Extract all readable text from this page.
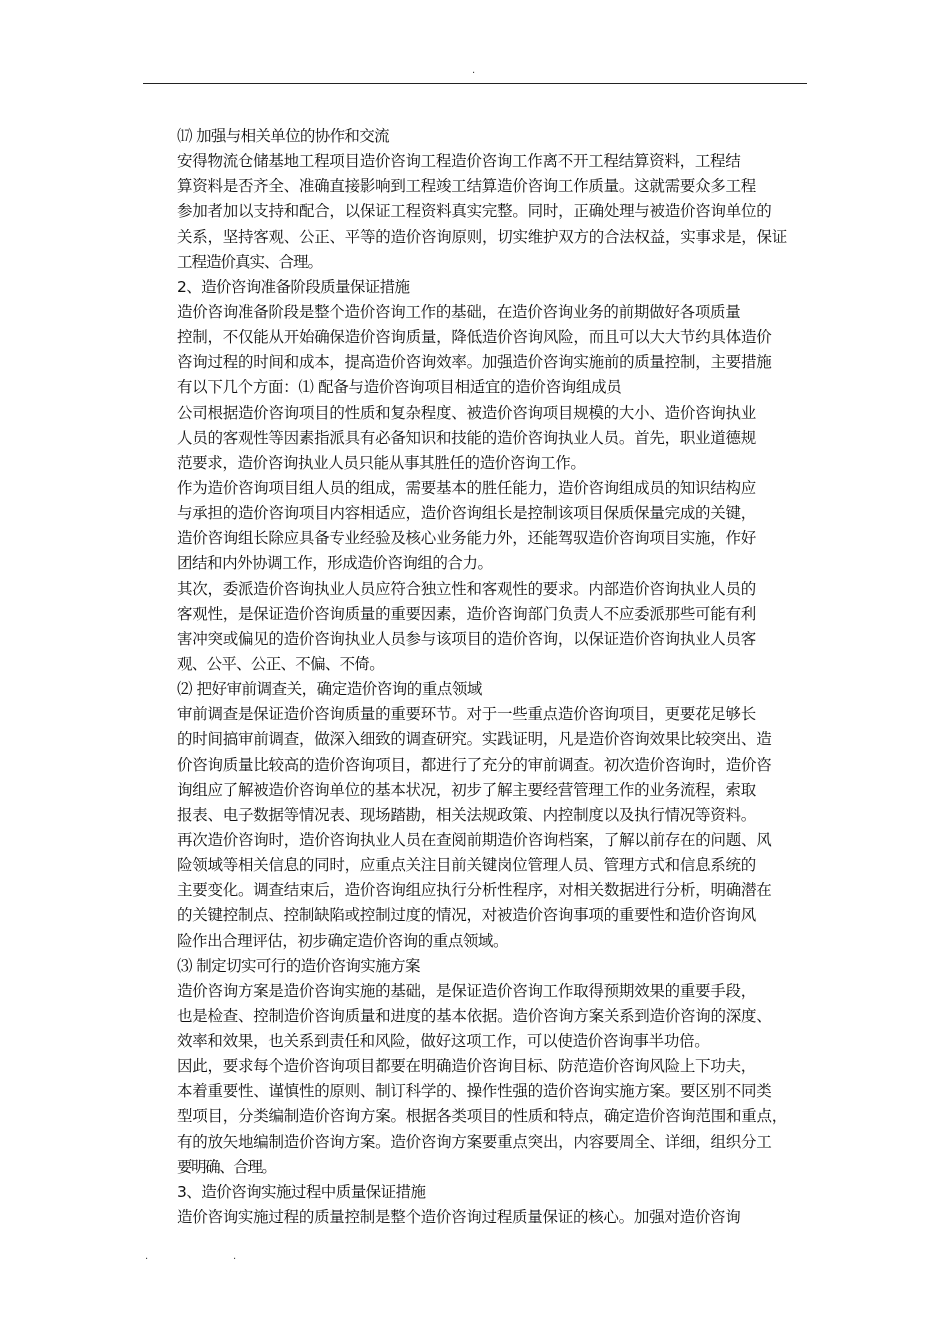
.
⒄ 加强与相关单位的协作和交流
安得物流仓储基地工程项目造价咨询工程造价咨询工作离不开工程结算资料，工程结
算资料是否齐全、准确直接影响到工程竣工结算造价咨询工作质量。这就需要众多工程
参加者加以支持和配合，以保证工程资料真实完整。同时，正确处理与被造价咨询单位的
关系，坚持客观、公正、平等的造价咨询原则，切实维护双方的合法权益，实事求是，保证
工程造价真实、合理。
2、造价咨询准备阶段质量保证措施
造价咨询准备阶段是整个造价咨询工作的基础，在造价咨询业务的前期做好各项质量
控制，不仅能从开始确保造价咨询质量，降低造价咨询风险，而且可以大大节约具体造价
咨询过程的时间和成本，提高造价咨询效率。加强造价咨询实施前的质量控制，主要措施
有以下几个方面：⑴ 配备与造价咨询项目相适宜的造价咨询组成员
公司根据造价咨询项目的性质和复杂程度、被造价咨询项目规模的大小、造价咨询执业
人员的客观性等因素指派具有必备知识和技能的造价咨询执业人员。首先，职业道德规
范要求，造价咨询执业人员只能从事其胜任的造价咨询工作。
作为造价咨询项目组人员的组成，需要基本的胜任能力，造价咨询组成员的知识结构应
与承担的造价咨询项目内容相适应，造价咨询组长是控制该项目保质保量完成的关键，
造价咨询组长除应具备专业经验及核心业务能力外，还能驾驭造价咨询项目实施，作好
团结和内外协调工作，形成造价咨询组的合力。
其次，委派造价咨询执业人员应符合独立性和客观性的要求。内部造价咨询执业人员的
客观性，是保证造价咨询质量的重要因素，造价咨询部门负责人不应委派那些可能有利
害冲突或偏见的造价咨询执业人员参与该项目的造价咨询，以保证造价咨询执业人员客
观、公平、公正、不偏、不倚。
⑵ 把好审前调查关，确定造价咨询的重点领域
审前调查是保证造价咨询质量的重要环节。对于一些重点造价咨询项目，更要花足够长
的时间搞审前调查，做深入细致的调查研究。实践证明，凡是造价咨询效果比较突出、造
价咨询质量比较高的造价咨询项目，都进行了充分的审前调查。初次造价咨询时，造价咨
询组应了解被造价咨询单位的基本状况，初步了解主要经营管理工作的业务流程，索取
报表、电子数据等情况表、现场踏勘，相关法规政策、内控制度以及执行情况等资料。
再次造价咨询时，造价咨询执业人员在查阅前期造价咨询档案，了解以前存在的问题、风
险领域等相关信息的同时，应重点关注目前关键岗位管理人员、管理方式和信息系统的
主要变化。调查结束后，造价咨询组应执行分析性程序，对相关数据进行分析，明确潜在
的关键控制点、控制缺陷或控制过度的情况，对被造价咨询事项的重要性和造价咨询风
险作出合理评估，初步确定造价咨询的重点领域。
⑶ 制定切实可行的造价咨询实施方案
造价咨询方案是造价咨询实施的基础，是保证造价咨询工作取得预期效果的重要手段，
也是检查、控制造价咨询质量和进度的基本依据。造价咨询方案关系到造价咨询的深度、
效率和效果，也关系到责任和风险，做好这项工作，可以使造价咨询事半功倍。
因此，要求每个造价咨询项目都要在明确造价咨询目标、防范造价咨询风险上下功夫，
本着重要性、谨慎性的原则、制订科学的、操作性强的造价咨询实施方案。要区别不同类
型项目，分类编制造价咨询方案。根据各类项目的性质和特点，确定造价咨询范围和重点，
有的放矢地编制造价咨询方案。造价咨询方案要重点突出，内容要周全、详细，组织分工
要明确、合理。
3、造价咨询实施过程中质量保证措施
造价咨询实施过程的质量控制是整个造价咨询过程质量保证的核心。加强对造价咨询
.	.
